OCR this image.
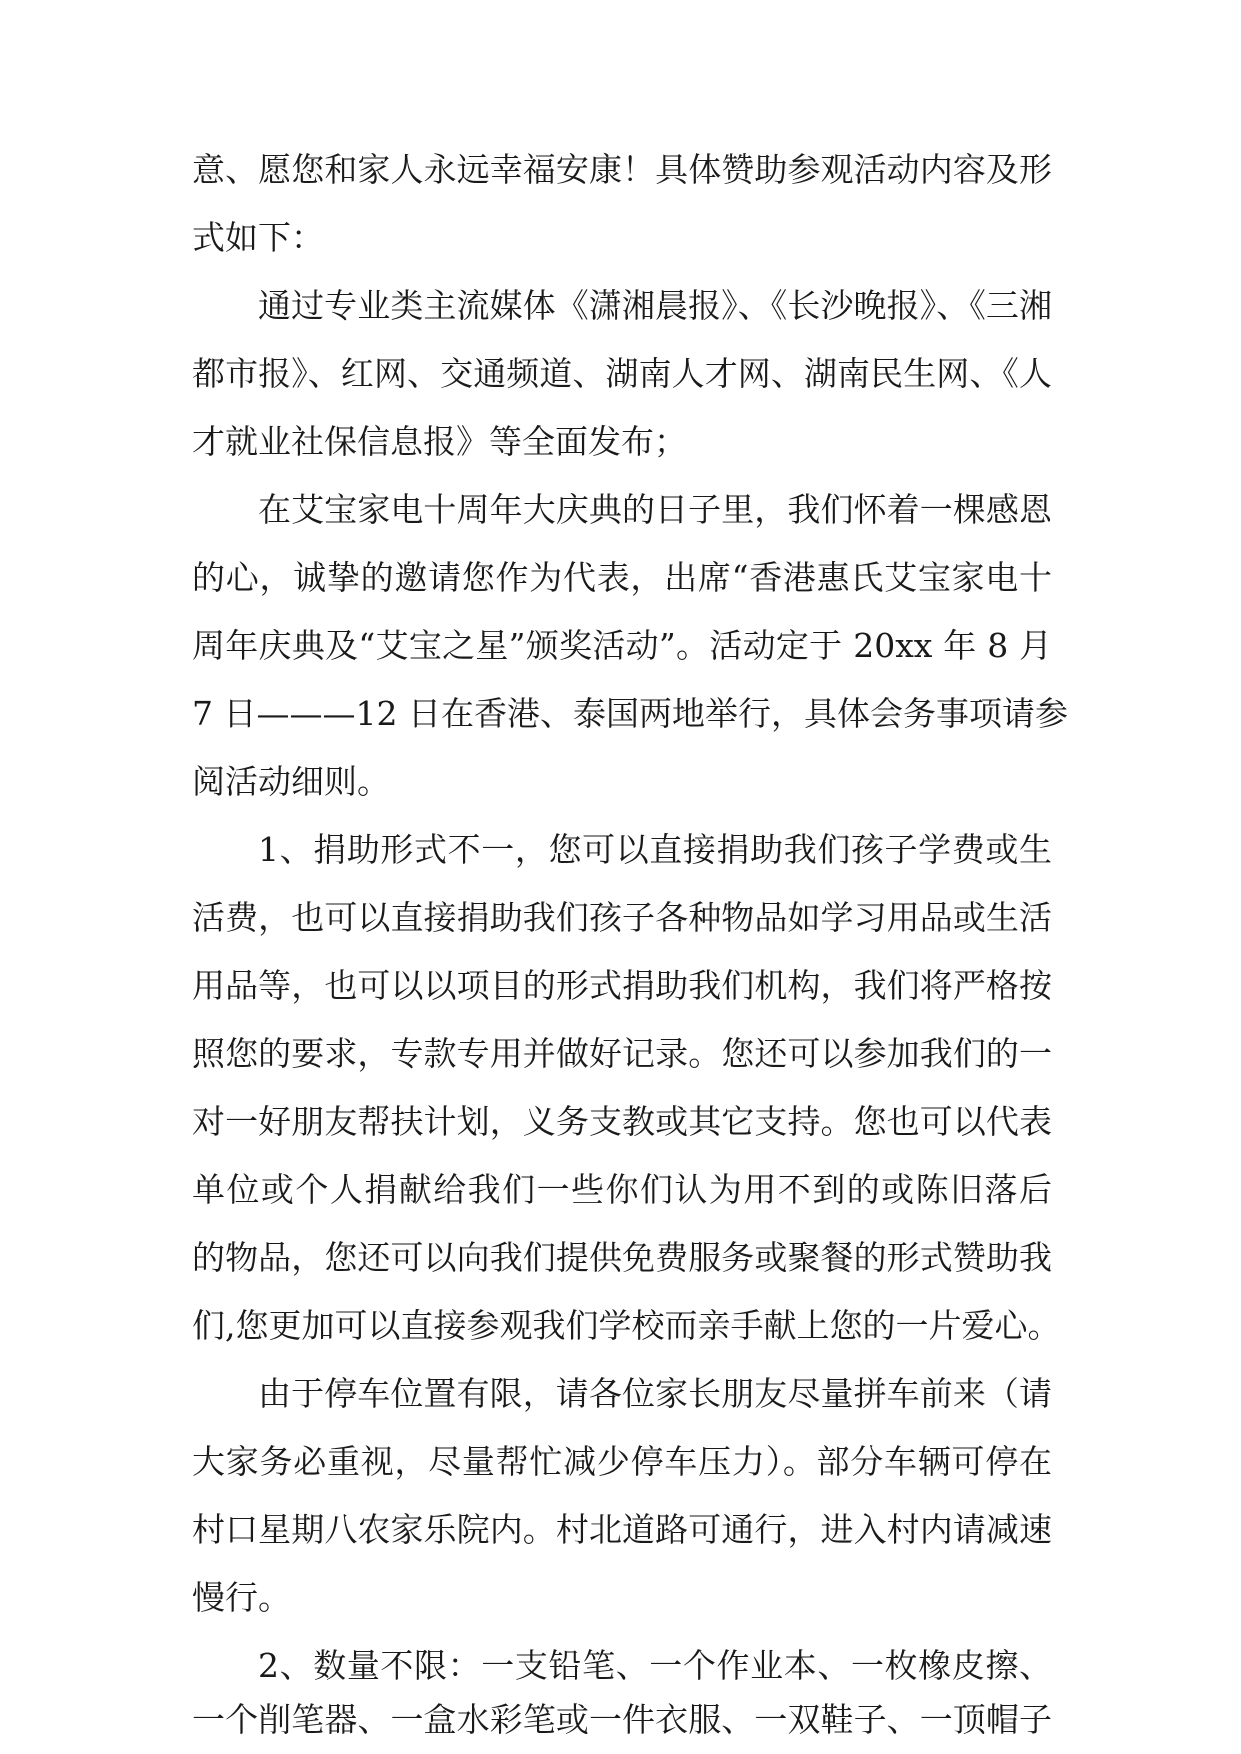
意、愿您和家人永远幸福安康！具体赞助参观活动内容及形
式如下：
通过专业类主流媒体《潇湘晨报》、《长沙晚报》、《三湘
都市报》、红网、交通频道、湖南人才网、湖南民生网、《人
才就业社保信息报》等全面发布；
在艾宝家电十周年大庆典的日子里，我们怀着一棵感恩
的心，诚挚的邀请您作为代表，出席“香港惠氏艾宝家电十
周年庆典及“艾宝之星”颁奖活动”。活动定于 20xx 年 8 月
7 日———12 日在香港、泰国两地举行，具体会务事项请参
阅活动细则。
1、捐助形式不一，您可以直接捐助我们孩子学费或生
活费，也可以直接捐助我们孩子各种物品如学习用品或生活
用品等，也可以以项目的形式捐助我们机构，我们将严格按
照您的要求，专款专用并做好记录。您还可以参加我们的一
对一好朋友帮扶计划，义务支教或其它支持。您也可以代表
单位或个人捐献给我们一些你们认为用不到的或陈旧落后
的物品，您还可以向我们提供免费服务或聚餐的形式赞助我
们,您更加可以直接参观我们学校而亲手献上您的一片爱心。
由于停车位置有限，请各位家长朋友尽量拼车前来（请
大家务必重视，尽量帮忙减少停车压力）。部分车辆可停在
村口星期八农家乐院内。村北道路可通行，进入村内请减速
慢行。
2、数量不限：一支铅笔、一个作业本、一枚橡皮擦、
一个削笔器、一盒水彩笔或一件衣服、一双鞋子、一顶帽子
